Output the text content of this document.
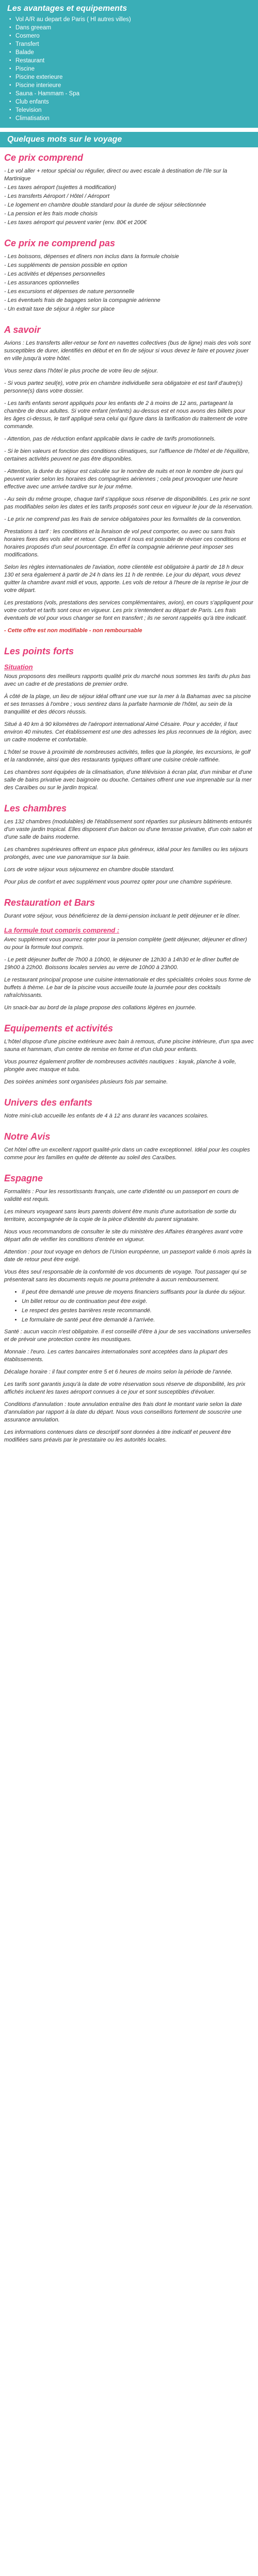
Les avantages et equipements
▪ Vol A/R au depart de Paris ( Hl autres villes)
▪ Dans greeam
▪ Cosmero
▪ Transfert
▪ Balade
▪ Restaurant
▪ Piscine
▪ Piscine exterieure
▪ Piscine interieure
▪ Sauna - Hammam - Spa
▪ Club enfants
▪ Television
▪ Climatisation
Quelques mots sur le voyage
Ce prix comprend
- Le vol aller + retour spécial ou régulier, direct ou avec escale à destination de l'Ile sur la Martinique
- Les taxes aéroport (sujettes à modification)
- Les transferts Aéroport / Hôtel / Aéroport
- Le logement en chambre double standard pour la durée de séjour sélectionnée
- La pension et les frais mode choisis
- Les taxes aéroport qui peuvent varier (env. 80€ et 200€
Ce prix ne comprend pas
- Les boissons, dépenses et dîners non inclus dans la formule choisie
- Les suppléments de pension possible en option
- Les activités et dépenses personnelles
- Les assurances optionnelles
- Les excursions et dépenses de nature personnelle
- Les éventuels frais de bagages selon la compagnie aérienne
- Un extrait taxe de séjour à régler sur place
A savoir

Avions : Les transferts aller-retour se font en navettes collectives (bus de ligne) mais des vols sont susceptibles de durer, identifiés en début et en fin de séjour si vous devez le faire et pouvez jouer en ville jusqu'à votre hôtel.

Vous serez dans l'hôtel le plus proche de votre lieu de séjour.

- Si vous partez seul(e), votre prix en chambre individuelle sera obligatoire et est tarif d'autre(s) personne(s) dans votre dossier.

- Les tarifs enfants seront appliqués pour les enfants de 2 à moins de 12 ans, partageant la chambre de deux adultes. Si votre enfant (enfants) au-dessus est et nous avons des billets pour les âges ci-dessus, le tarif appliqué sera celui qui figure dans la tarification du traitement de votre commande.

- Attention, pas de réduction enfant applicable dans le cadre de tarifs promotionnels.

- Si le bien valeurs et fonction des conditions climatiques, sur l'affluence de l'hôtel et de l'équilibre, certaines activités peuvent ne pas être disponibles.

- Attention, la durée du séjour est calculée sur le nombre de nuits et non le nombre de jours qui peuvent varier selon les horaires des compagnies aériennes ; cela peut provoquer une heure effective avec une arrivée tardive sur le jour même.

- Au sein du même groupe, chaque tarif s'applique sous réserve de disponibilités. Les prix ne sont pas modifiables selon les dates et les tarifs proposés sont ceux en vigueur le jour de la réservation.

- Le prix ne comprend pas les frais de service obligatoires pour les formalités de la convention.

Prestations à tarif : les conditions et la livraison de vol peut comporter, ou avec ou sans frais horaires fixes des vols aller et retour. Cependant il nous est possible de réviser ces conditions et horaires proposés d'un seul pourcentage. En effet la compagnie aérienne peut imposer ses modifications.

Selon les règles internationales de l'aviation, notre clientèle est obligatoire à partir de 18 h deux 130 et sera également à partir de 24 h dans les 11 h de rentrée. Le jour du départ, vous devez quitter la chambre avant midi et vous, apporte. Les vols de retour à l'heure de la reprise le jour de votre départ.

Les prestations (vols, prestations des services complémentaires, avion), en cours s'appliquent pour votre confort et tarifs sont ceux en vigueur. Les prix s'entendent au départ de Paris. Les frais éventuels de vol pour vous changer se font en transfert ; ils ne seront rappelés qu'à titre indicatif.

- Cette offre est non modifiable - non remboursable
Les points forts
Situation

Nous proposons des meilleurs rapports qualité prix du marché nous sommes les tarifs du plus bas avec un cadre et de prestations de premier ordre.

À côté de la plage, un lieu de séjour idéal offrant une vue sur la mer à la Bahamas avec sa piscine et ses terrasses à l'ombre ; vous sentirez dans la parfaite harmonie de l'hôtel, au sein de la tranquillité et des décors réussis.

Situé à 40 km à 90 kilomètres de l'aéroport international Aimé Césaire. Pour y accéder, il faut environ 40 minutes. Cet établissement est une des adresses les plus reconnues de la région, avec un cadre moderne et confortable.

L'hôtel se trouve à proximité de nombreuses activités, telles que la plongée, les excursions, le golf et la randonnée, ainsi que des restaurants typiques offrant une cuisine créole raffinée.

Les chambres sont équipées de la climatisation, d'une télévision à écran plat, d'un minibar et d'une salle de bains privative avec baignoire ou douche. Certaines offrent une vue imprenable sur la mer des Caraïbes ou sur le jardin tropical.

Les chambres

Les 132 chambres (modulables) de l'établissement sont réparties sur plusieurs bâtiments entourés d'un vaste jardin tropical. Elles disposent d'un balcon ou d'une terrasse privative, d'un coin salon et d'une salle de bains moderne.

Les chambres supérieures offrent un espace plus généreux, idéal pour les familles ou les séjours prolongés, avec une vue panoramique sur la baie.

Lors de votre séjour vous séjournerez en chambre double standard.

Pour plus de confort et avec supplément vous pourrez opter pour une chambre supérieure.

Restauration et Bars

Durant votre séjour, vous bénéficierez de la demi-pension incluant le petit déjeuner et le dîner.

La formule tout compris comprend :

Avec supplément vous pourrez opter pour la pension complète (petit déjeuner, déjeuner et dîner) ou pour la formule tout compris.

- Le petit déjeuner buffet de 7h00 à 10h00, le déjeuner de 12h30 à 14h30 et le dîner buffet de 19h00 à 22h00. Boissons locales servies au verre de 10h00 à 23h00.

Le restaurant principal propose une cuisine internationale et des spécialités créoles sous forme de buffets à thème. Le bar de la piscine vous accueille toute la journée pour des cocktails rafraîchissants.

Un snack-bar au bord de la plage propose des collations légères en journée.

Equipements et activités

L'hôtel dispose d'une piscine extérieure avec bain à remous, d'une piscine intérieure, d'un spa avec sauna et hammam, d'un centre de remise en forme et d'un club pour enfants.

Vous pourrez également profiter de nombreuses activités nautiques : kayak, planche à voile, plongée avec masque et tuba.

Des soirées animées sont organisées plusieurs fois par semaine.

Univers des enfants

Notre mini-club accueille les enfants de 4 à 12 ans durant les vacances scolaires.

Notre Avis

Cet hôtel offre un excellent rapport qualité-prix dans un cadre exceptionnel. Idéal pour les couples comme pour les familles en quête de détente au soleil des Caraïbes.

Espagne

Formalités : Pour les ressortissants français, une carte d'identité ou un passeport en cours de validité est requis.

Les mineurs voyageant sans leurs parents doivent être munis d'une autorisation de sortie du territoire, accompagnée de la copie de la pièce d'identité du parent signataire.

Nous vous recommandons de consulter le site du ministère des Affaires étrangères avant votre départ afin de vérifier les conditions d'entrée en vigueur.

Attention : pour tout voyage en dehors de l'Union européenne, un passeport valide 6 mois après la date de retour peut être exigé.

Vous êtes seul responsable de la conformité de vos documents de voyage. Tout passager qui se présenterait sans les documents requis ne pourra prétendre à aucun remboursement.

• Il peut être demandé une preuve de moyens financiers suffisants pour la durée du séjour.
• Un billet retour ou de continuation peut être exigé.
• Le respect des gestes barrières reste recommandé.
• Le formulaire de santé peut être demandé à l'arrivée.

Santé : aucun vaccin n'est obligatoire. Il est conseillé d'être à jour de ses vaccinations universelles et de prévoir une protection contre les moustiques.

Monnaie : l'euro. Les cartes bancaires internationales sont acceptées dans la plupart des établissements.

Décalage horaire : il faut compter entre 5 et 6 heures de moins selon la période de l'année.

Les tarifs sont garantis jusqu'à la date de votre réservation sous réserve de disponibilité, les prix affichés incluent les taxes aéroport connues à ce jour et sont susceptibles d'évoluer.

Conditions d'annulation : toute annulation entraîne des frais dont le montant varie selon la date d'annulation par rapport à la date du départ. Nous vous conseillons fortement de souscrire une assurance annulation.

Les informations contenues dans ce descriptif sont données à titre indicatif et peuvent être modifiées sans préavis par le prestataire ou les autorités locales.
